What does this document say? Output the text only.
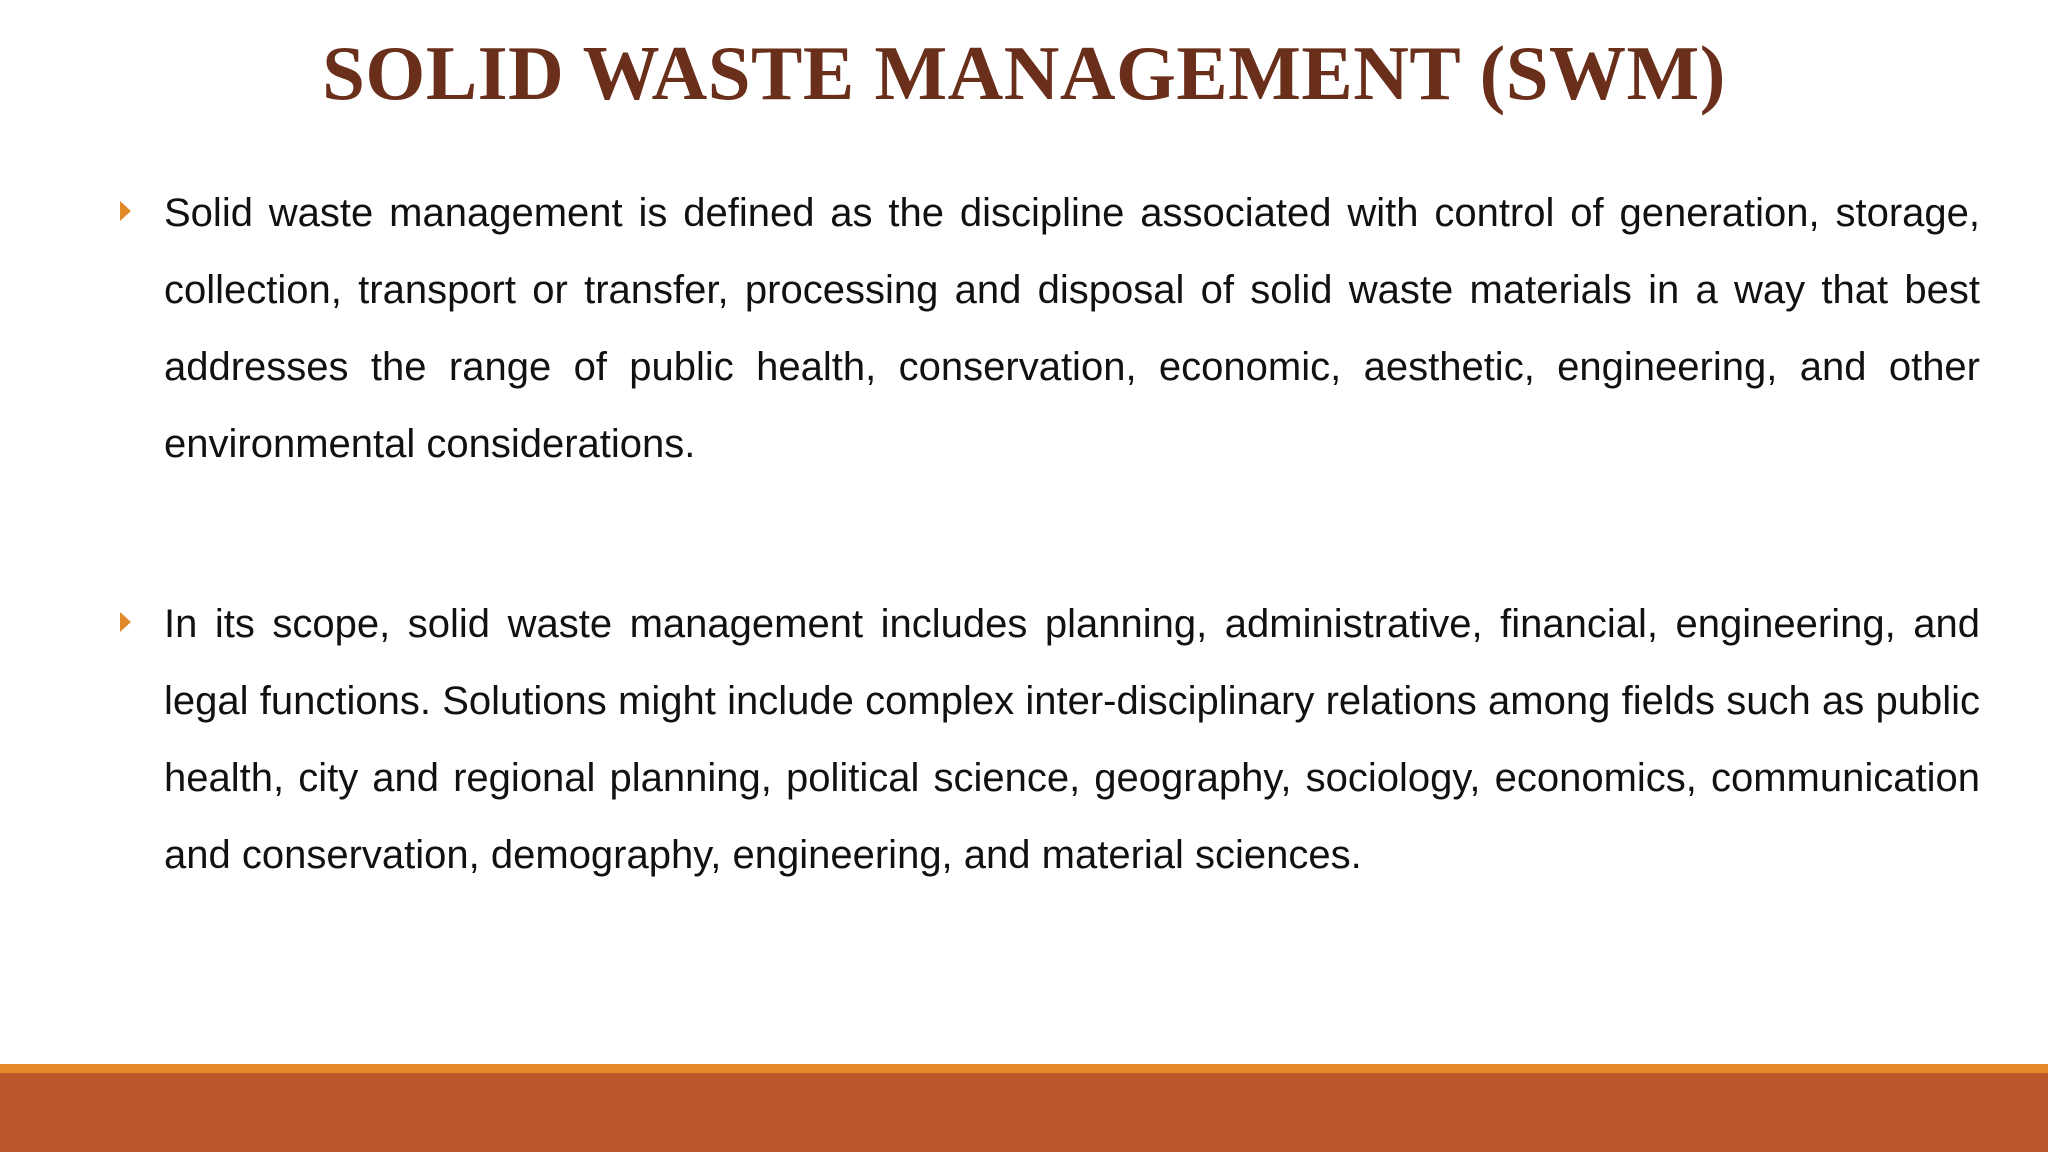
SOLID WASTE MANAGEMENT (SWM)

Solid waste management is defined as the discipline associated with control of generation, storage, collection, transport or transfer, processing and disposal of solid waste materials in a way that best addresses the range of public health, conservation, economic, aesthetic, engineering, and other environmental considerations.

In its scope, solid waste management includes planning, administrative, financial, engineering, and legal functions. Solutions might include complex inter-disciplinary relations among fields such as public health, city and regional planning, political science, geography, sociology, economics, communication and conservation, demography, engineering, and material sciences.
